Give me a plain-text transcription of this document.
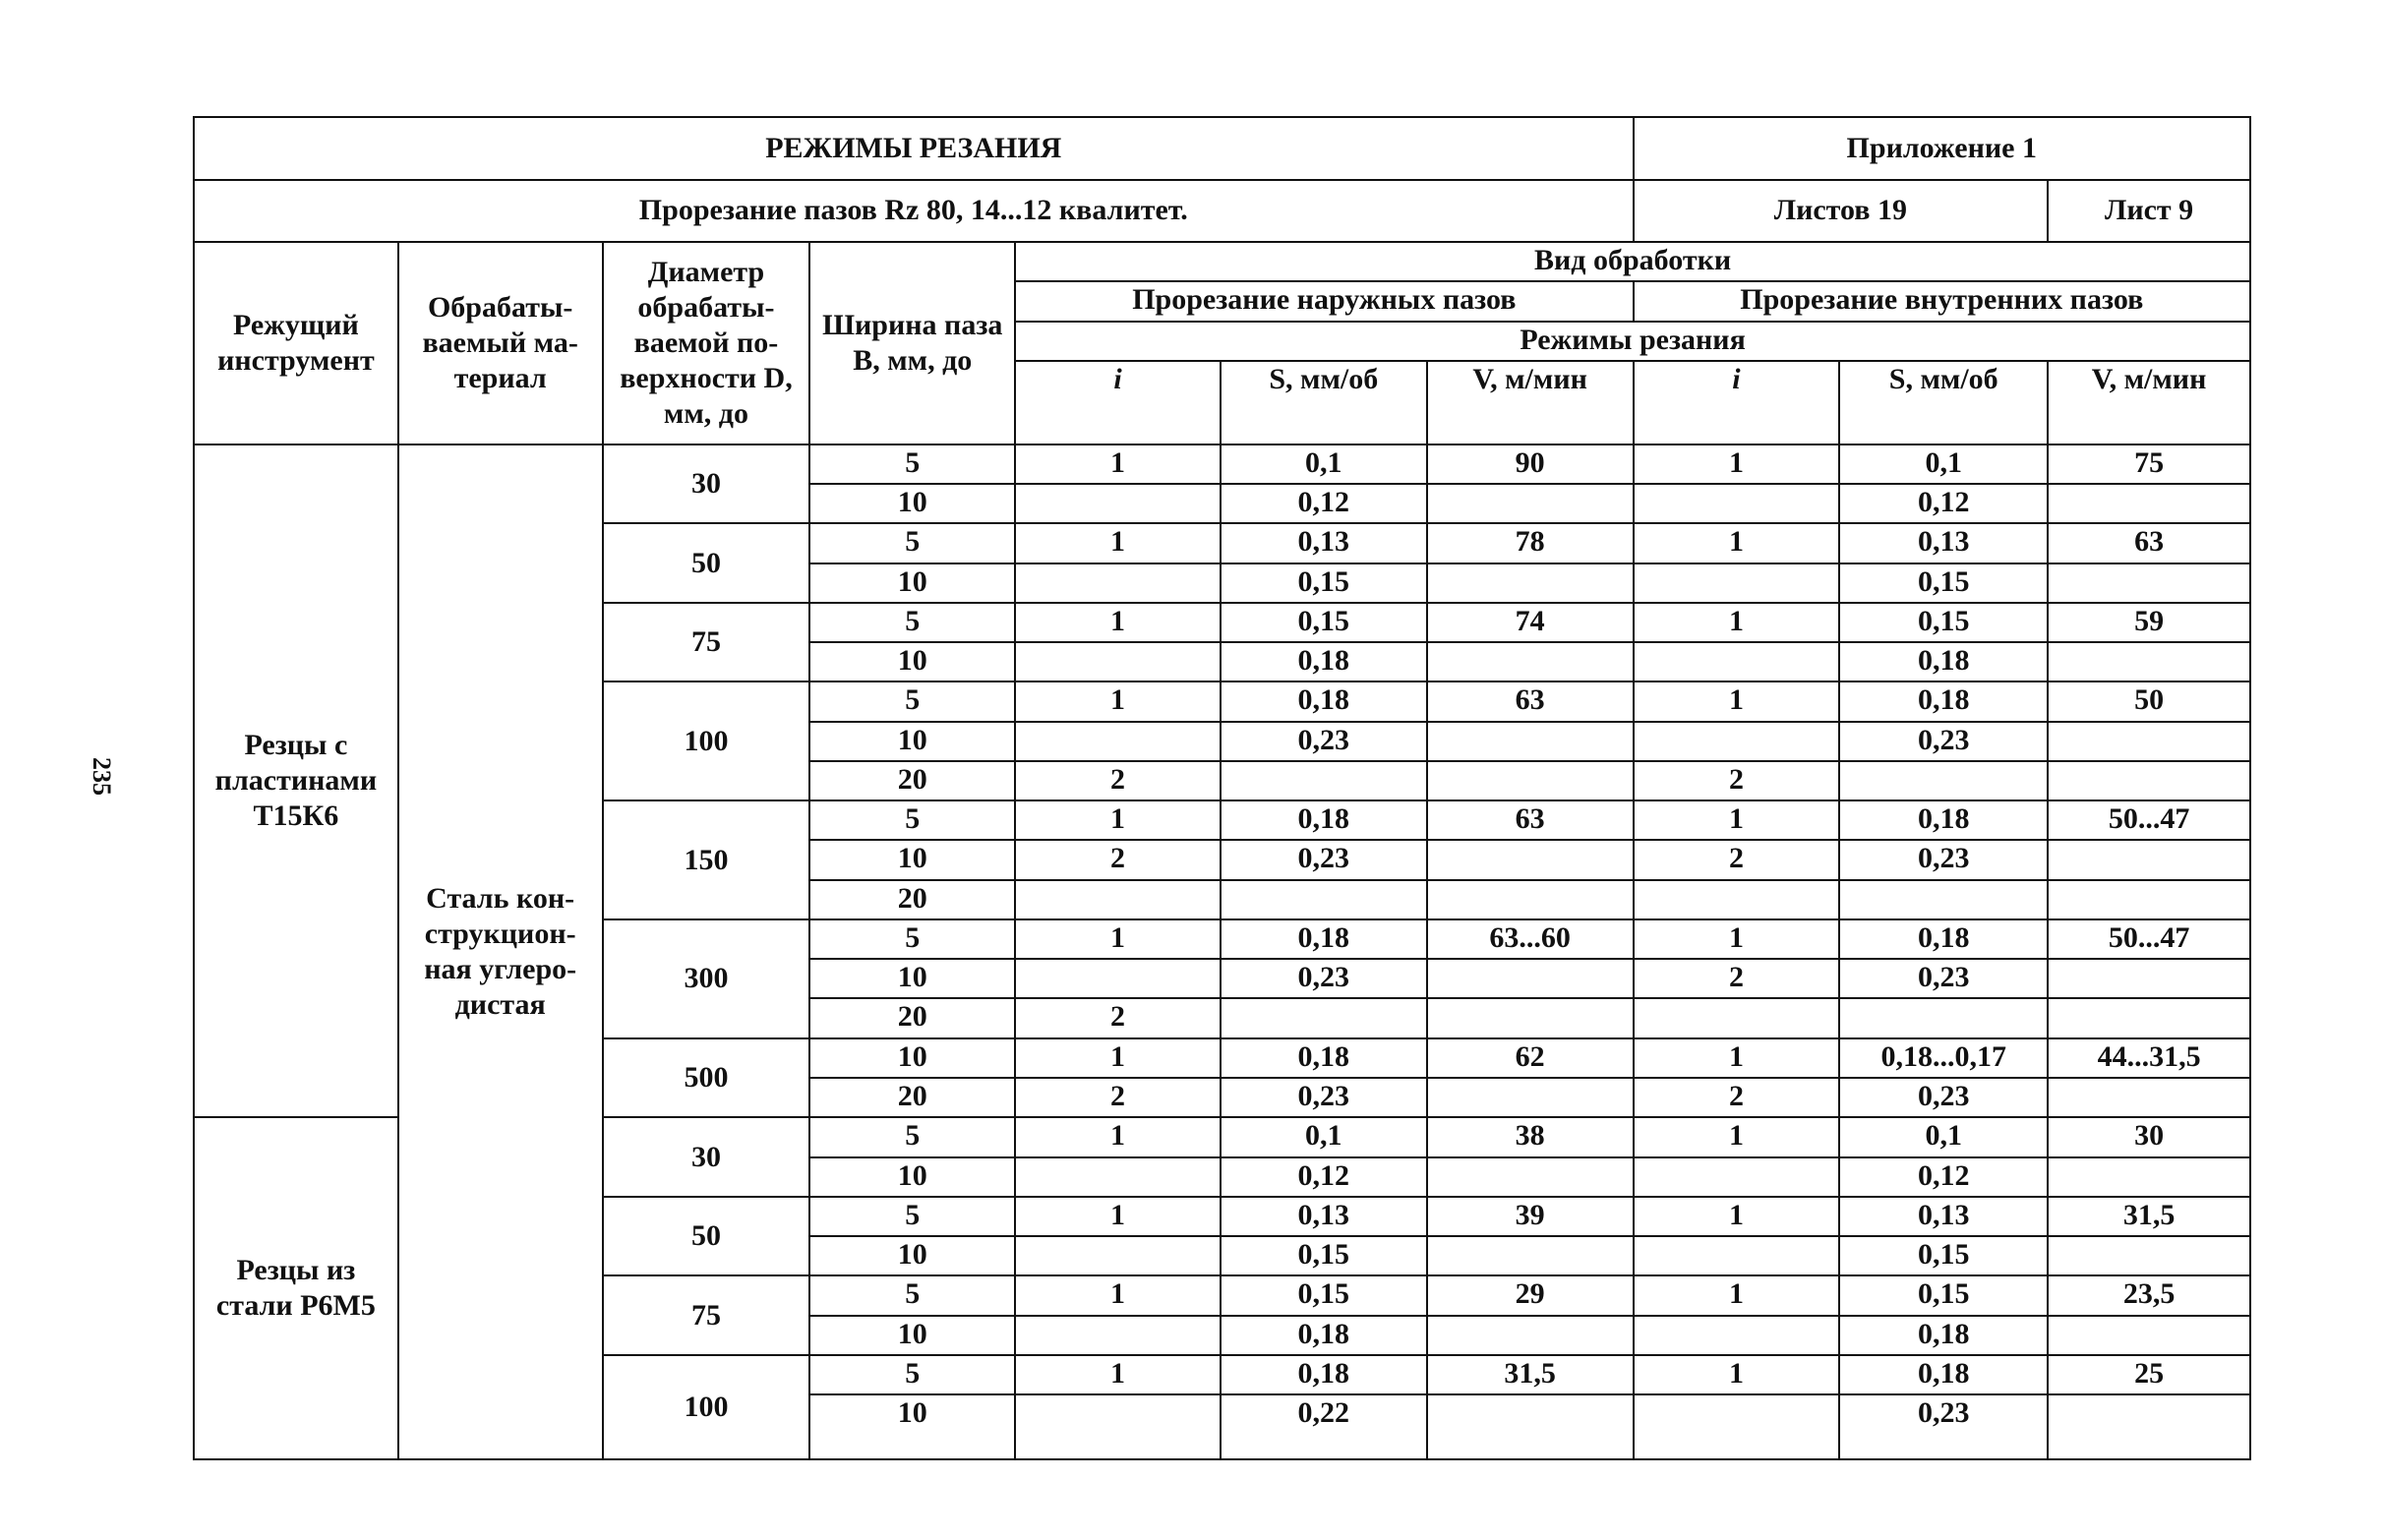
235
РЕЖИМЫ РЕЗАНИЯ							Приложение 1		
Прорезание пазов Rz 80, 14...12 квалитет.							Листов 19		Лист 9
Режущий инструмент	Обрабаты- ваемый ма- териал	Диаметр обрабаты- ваемой по- верхности D, мм, до	Ширина паза B, мм, до	Вид обработки					
				Прорезание наружных пазов			Прорезание внутренних пазов		
				Режимы резания					
				i	S, мм/об	V, м/мин	i	S, мм/об	V, м/мин
Резцы с пластинами Т15К6	Сталь кон- струкцион- ная углеро- дистая	30	5	1	0,1	90	1	0,1	75
			10		0,12			0,12	
		50	5	1	0,13	78	1	0,13	63
			10		0,15			0,15	
		75	5	1	0,15	74	1	0,15	59
			10		0,18			0,18	
		100	5	1	0,18	63	1	0,18	50
			10		0,23			0,23	
			20	2			2		
		150	5	1	0,18	63	1	0,18	50...47
			10	2	0,23		2	0,23	
			20						
		300	5	1	0,18	63...60	1	0,18	50...47
			10		0,23		2	0,23	
			20	2					
		500	10	1	0,18	62	1	0,18...0,17	44...31,5
			20	2	0,23		2	0,23	
Резцы из стали Р6М5		30	5	1	0,1	38	1	0,1	30
			10		0,12			0,12	
		50	5	1	0,13	39	1	0,13	31,5
			10		0,15			0,15	
		75	5	1	0,15	29	1	0,15	23,5
			10		0,18			0,18	
		100	5	1	0,18	31,5	1	0,18	25
			10		0,22			0,23	
